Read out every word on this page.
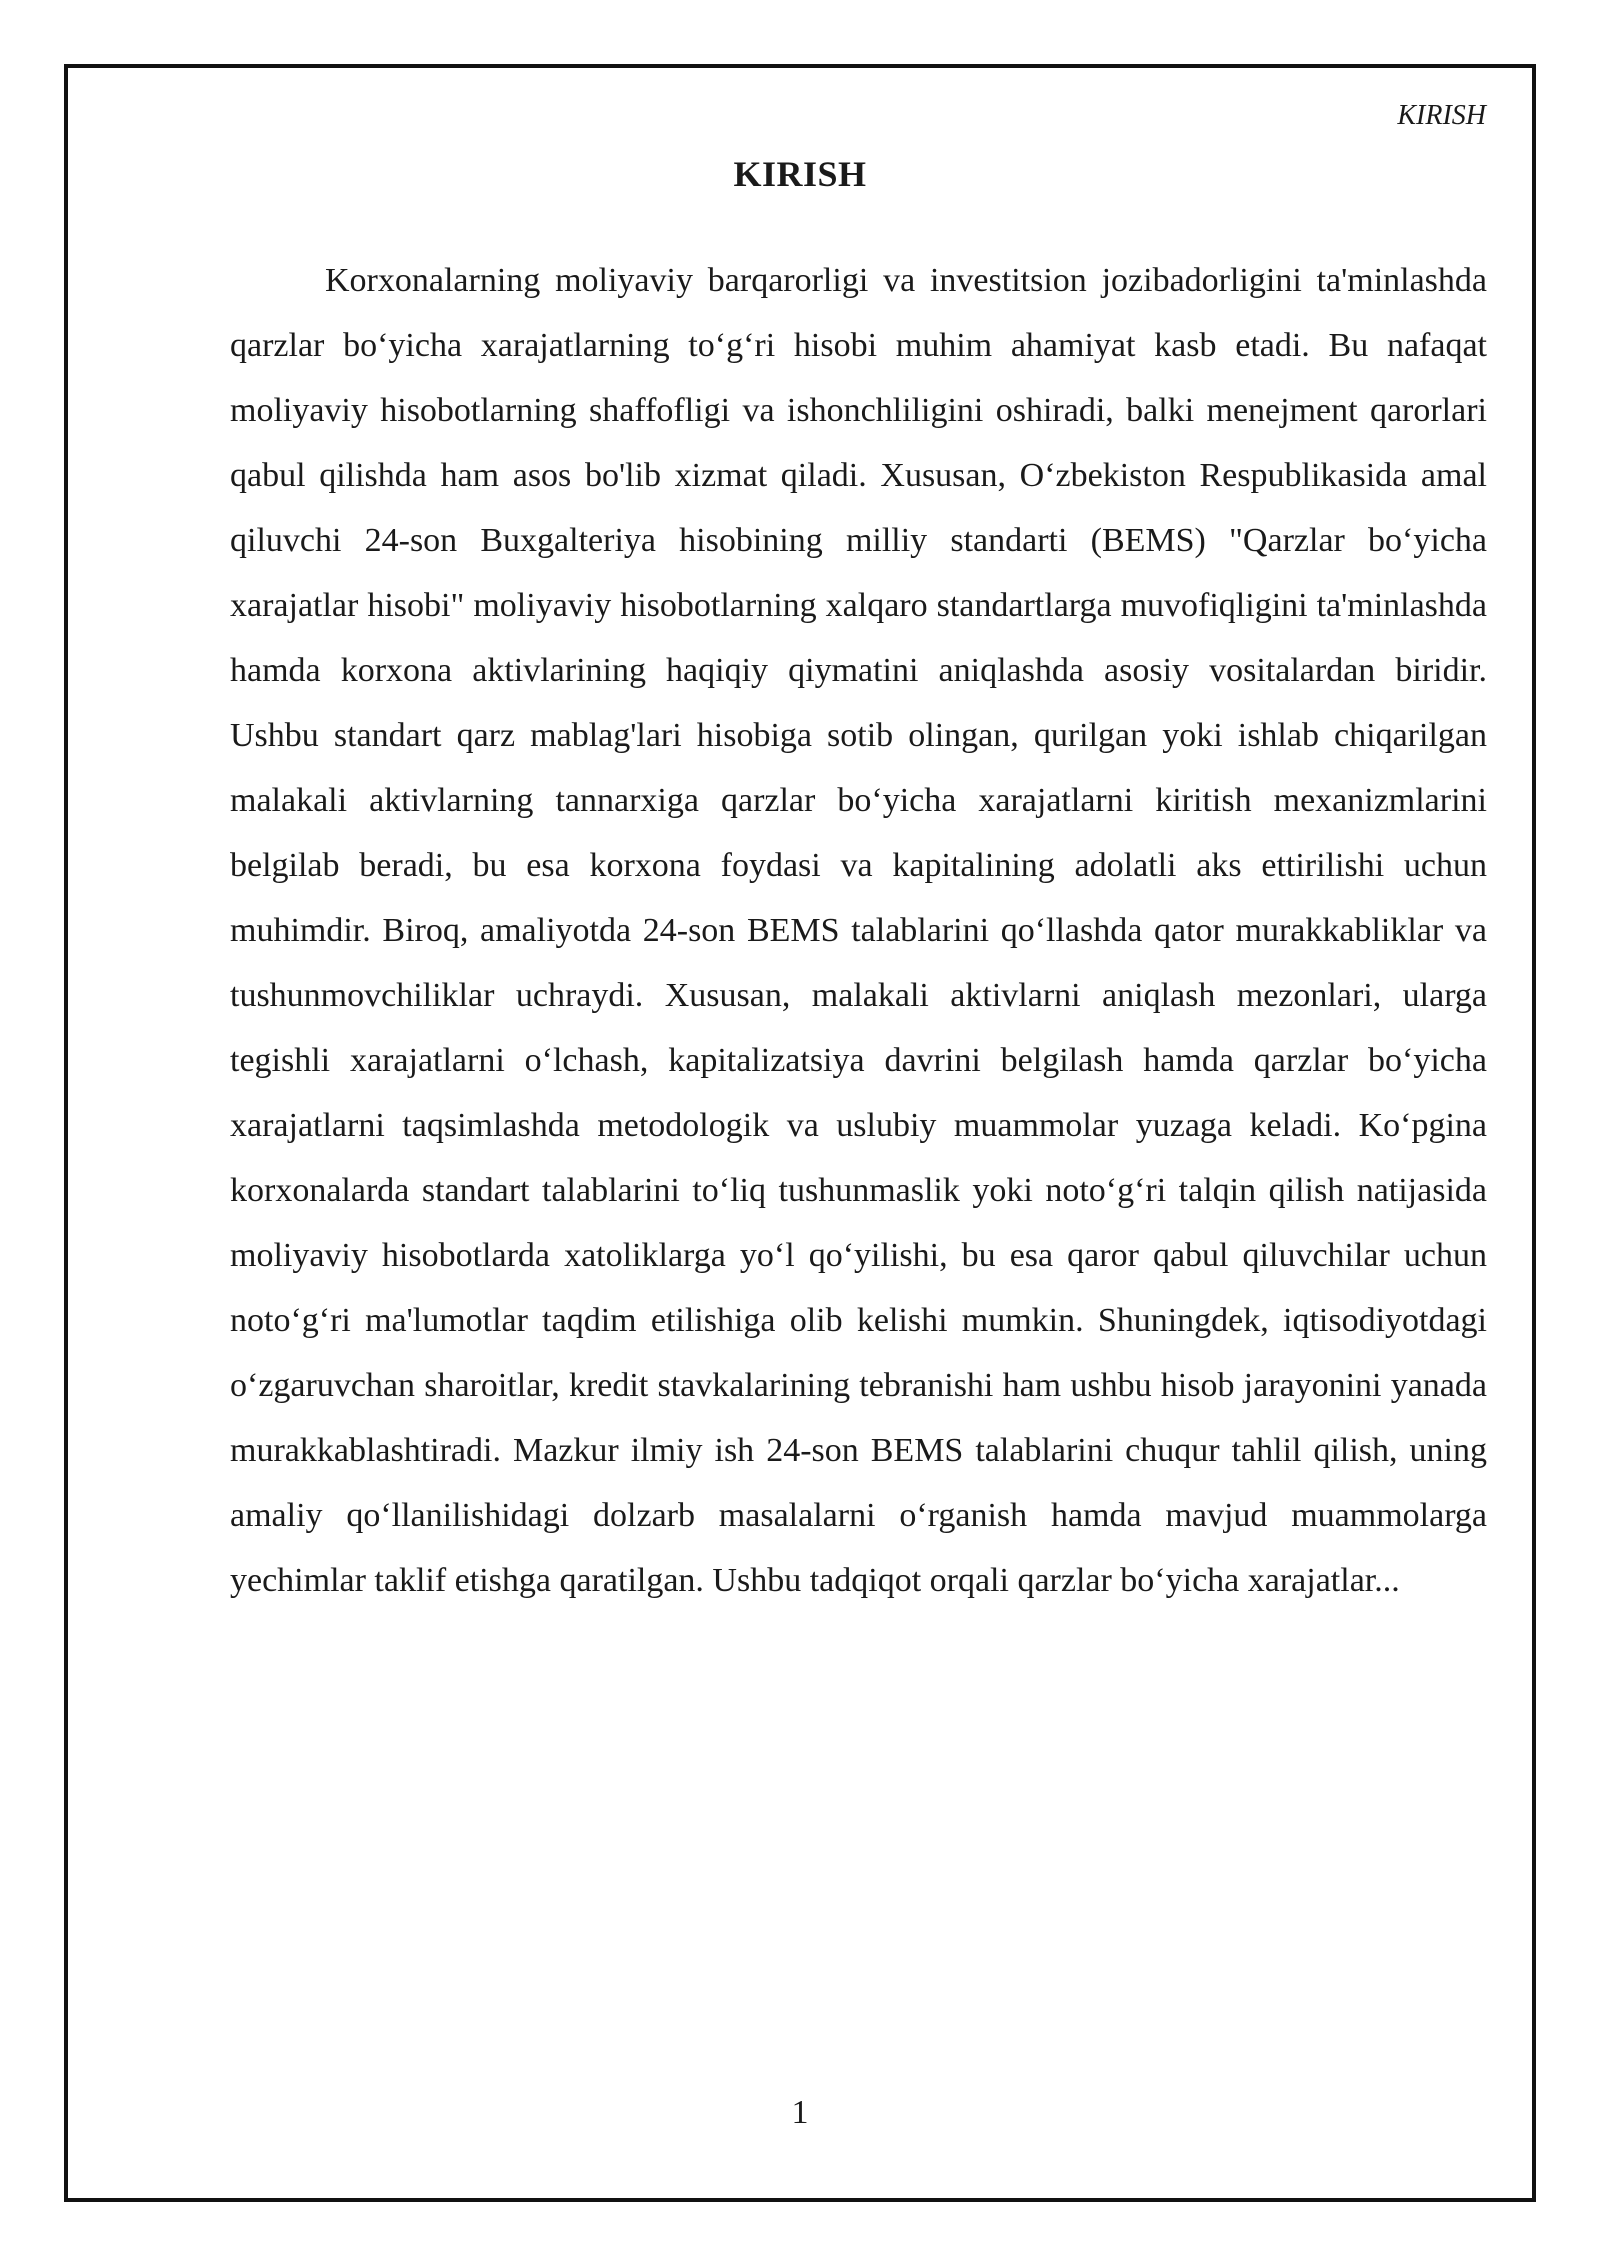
KIRISH
KIRISH

Korxonalarning moliyaviy barqarorligi va investitsion jozibadorligini ta'minlashda qarzlar bo‘yicha xarajatlarning to‘g‘ri hisobi muhim ahamiyat kasb etadi. Bu nafaqat moliyaviy hisobotlarning shaffofligi va ishonchliligini oshiradi, balki menejment qarorlari qabul qilishda ham asos bo'lib xizmat qiladi. Xususan, O‘zbekiston Respublikasida amal qiluvchi 24-son Buxgalteriya hisobining milliy standarti (BEMS) "Qarzlar bo‘yicha xarajatlar hisobi" moliyaviy hisobotlarning xalqaro standartlarga muvofiqligini ta'minlashda hamda korxona aktivlarining haqiqiy qiymatini aniqlashda asosiy vositalardan biridir. Ushbu standart qarz mablag'lari hisobiga sotib olingan, qurilgan yoki ishlab chiqarilgan malakali aktivlarning tannarxiga qarzlar bo‘yicha xarajatlarni kiritish mexanizmlarini belgilab beradi, bu esa korxona foydasi va kapitalining adolatli aks ettirilishi uchun muhimdir. Biroq, amaliyotda 24-son BEMS talablarini qo‘llashda qator murakkabliklar va tushunmovchiliklar uchraydi. Xususan, malakali aktivlarni aniqlash mezonlari, ularga tegishli xarajatlarni o‘lchash, kapitalizatsiya davrini belgilash hamda qarzlar bo‘yicha xarajatlarni taqsimlashda metodologik va uslubiy muammolar yuzaga keladi. Ko‘pgina korxonalarda standart talablarini to‘liq tushunmaslik yoki noto‘g‘ri talqin qilish natijasida moliyaviy hisobotlarda xatoliklarga yo‘l qo‘yilishi, bu esa qaror qabul qiluvchilar uchun noto‘g‘ri ma'lumotlar taqdim etilishiga olib kelishi mumkin. Shuningdek, iqtisodiyotdagi o‘zgaruvchan sharoitlar, kredit stavkalarining tebranishi ham ushbu hisob jarayonini yanada murakkablashtiradi. Mazkur ilmiy ish 24-son BEMS talablarini chuqur tahlil qilish, uning amaliy qo‘llanilishidagi dolzarb masalalarni o‘rganish hamda mavjud muammolarga yechimlar taklif etishga qaratilgan. Ushbu tadqiqot orqali qarzlar bo‘yicha xarajatlar...

1
